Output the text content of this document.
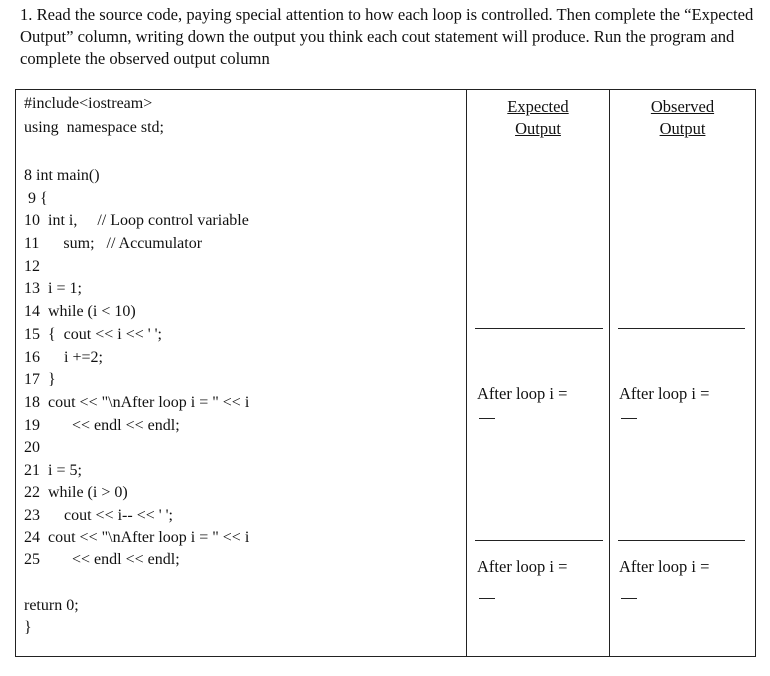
1. Read the source code, paying special attention to how each loop is controlled. Then complete the “Expected Output” column, writing down the output you think each cout statement will produce. Run the program and complete the observed output column

#include<iostream>
using  namespace std;
8 int main()
9 {
10  int i,     // Loop control variable
11      sum;   // Accumulator
12
13  i = 1;
14  while (i < 10)
15  {  cout << i << ' ';
16      i +=2;
17  }
18  cout << "\nAfter loop i = " << i
19        << endl << endl;
20
21  i = 5;
22  while (i > 0)
23      cout << i-- << ' ';
24  cout << "\nAfter loop i = " << i
25        << endl << endl;
return 0;
}
Expected
Output
Observed
Output
After loop i =	After loop i =
After loop i =	After loop i =
